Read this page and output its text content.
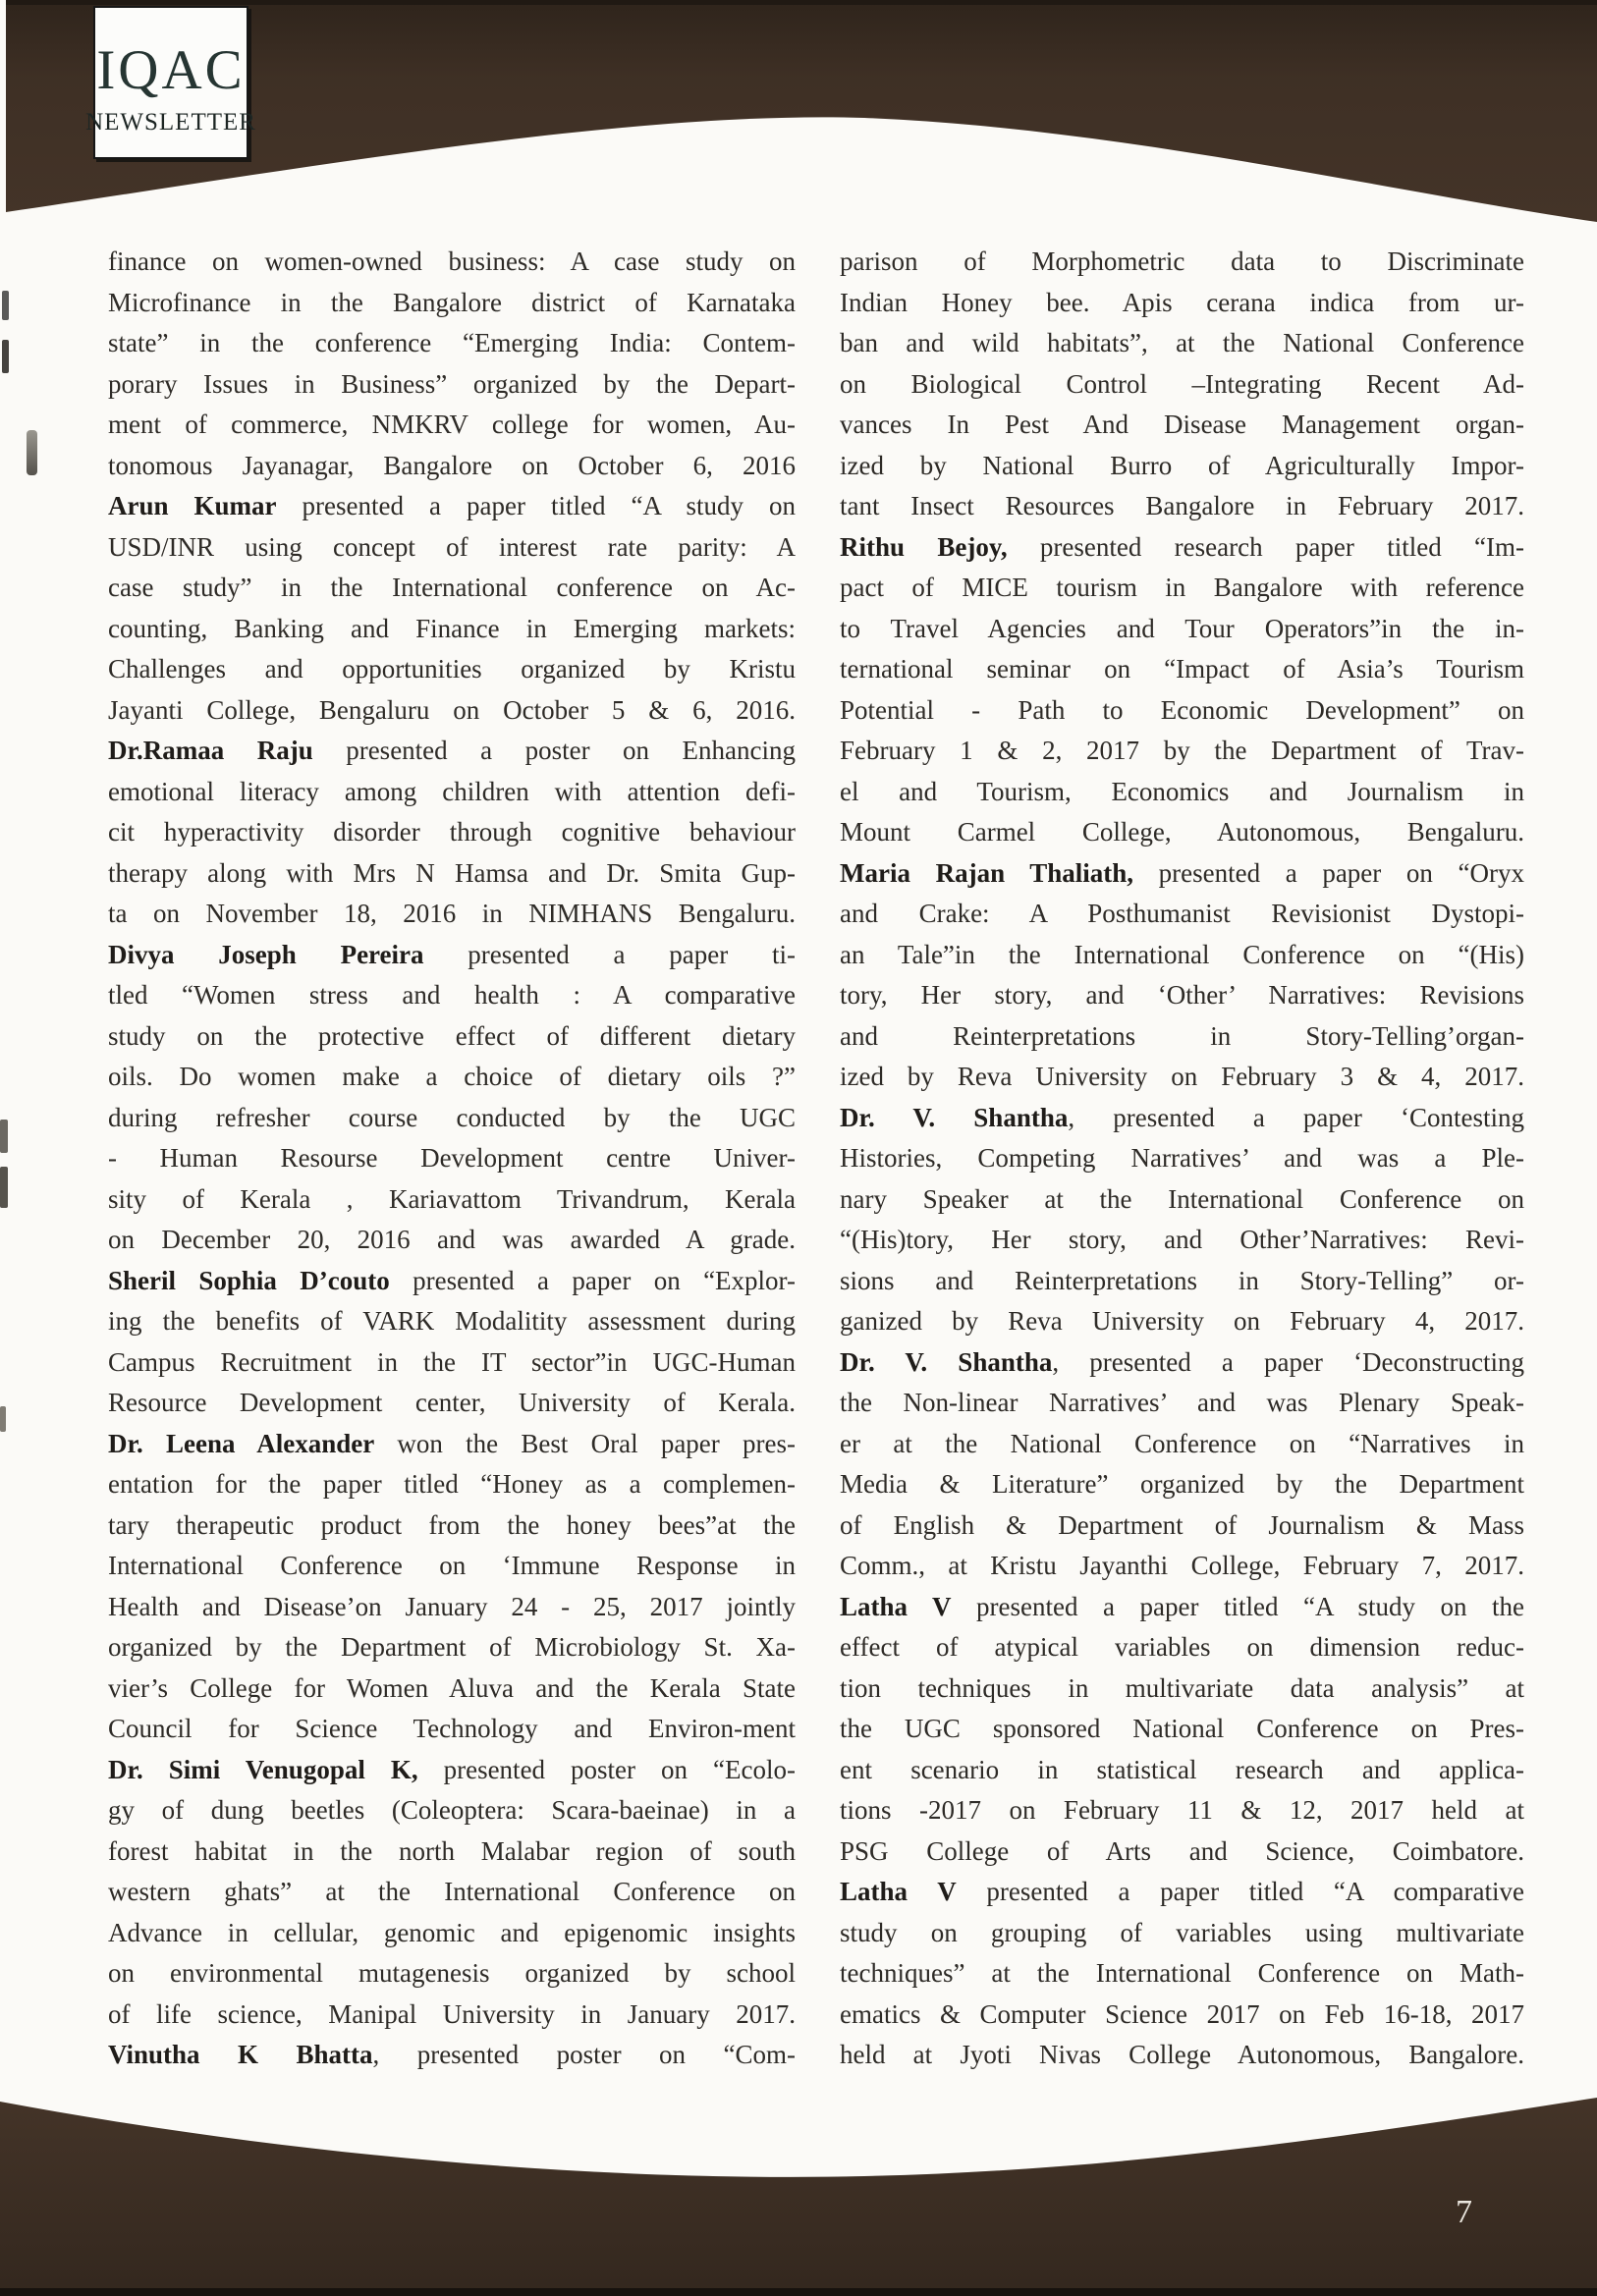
IQAC
NEWSLETTER
finance on women-owned business: A case study on
Microfinance in the Bangalore district of Karnataka
state” in the conference “Emerging India: Contem-
porary Issues in Business” organized by the Depart-
ment of commerce, NMKRV college for women, Au-
tonomous Jayanagar, Bangalore on October 6, 2016
Arun Kumar presented a paper titled “A study on
USD/INR using concept of interest rate parity: A
case study” in the International conference on Ac-
counting, Banking and Finance in Emerging markets:
Challenges and opportunities organized by Kristu
Jayanti College, Bengaluru on October 5 & 6, 2016.
Dr.Ramaa Raju presented a poster on Enhancing
emotional literacy among children with attention defi-
cit hyperactivity disorder through cognitive behaviour
therapy along with Mrs N Hamsa and Dr. Smita Gup-
ta on November 18, 2016 in NIMHANS Bengaluru.
Divya Joseph Pereira presented a paper ti-
tled “Women stress and health : A comparative
study on the protective effect of different dietary
oils. Do women make a choice of dietary oils ?”
during refresher course conducted by the UGC
- Human Resourse Development centre Univer-
sity of Kerala , Kariavattom Trivandrum, Kerala
on December 20, 2016 and was awarded A grade.
Sheril Sophia D’couto presented a paper on “Explor-
ing the benefits of VARK Modalitity assessment during
Campus Recruitment in the IT sector”in UGC-Human
Resource Development center, University of Kerala.
Dr. Leena Alexander won the Best Oral paper pres-
entation for the paper titled “Honey as a complemen-
tary therapeutic product from the honey bees”at the
International Conference on ‘Immune Response in
Health and Disease’on January 24 - 25, 2017 jointly
organized by the Department of Microbiology St. Xa-
vier’s College for Women Aluva and the Kerala State
Council for Science Technology and Environ-ment
Dr. Simi Venugopal K, presented poster on “Ecolo-
gy of dung beetles (Coleoptera: Scara-baeinae) in a
forest habitat in the north Malabar region of south
western ghats” at the International Conference on
Advance in cellular, genomic and epigenomic insights
on environmental mutagenesis organized by school
of life science, Manipal University in January 2017.
Vinutha K Bhatta, presented poster on “Com-
parison of Morphometric data to Discriminate
Indian Honey bee. Apis cerana indica from ur-
ban and wild habitats”, at the National Conference
on Biological Control –Integrating Recent Ad-
vances In Pest And Disease Management organ-
ized by National Burro of Agriculturally Impor-
tant Insect Resources Bangalore in February 2017.
Rithu Bejoy, presented research paper titled “Im-
pact of MICE tourism in Bangalore with reference
to Travel Agencies and Tour Operators”in the in-
ternational seminar on “Impact of Asia’s Tourism
Potential - Path to Economic Development” on
February 1 & 2, 2017 by the Department of Trav-
el and Tourism, Economics and Journalism in
Mount Carmel College, Autonomous, Bengaluru.
Maria Rajan Thaliath, presented a paper on “Oryx
and Crake: A Posthumanist Revisionist Dystopi-
an Tale”in the International Conference on “(His)
tory, Her story, and ‘Other’ Narratives: Revisions
and Reinterpretations in Story-Telling’organ-
ized by Reva University on February 3 & 4, 2017.
Dr. V. Shantha, presented a paper ‘Contesting
Histories, Competing Narratives’ and was a Ple-
nary Speaker at the International Conference on
“(His)tory, Her story, and Other’Narratives: Revi-
sions and Reinterpretations in Story-Telling” or-
ganized by Reva University on February 4, 2017.
Dr. V. Shantha, presented a paper ‘Deconstructing
the Non-linear Narratives’ and was Plenary Speak-
er at the National Conference on “Narratives in
Media & Literature” organized by the Department
of English & Department of Journalism & Mass
Comm., at Kristu Jayanthi College, February 7, 2017.
Latha V presented a paper titled “A study on the
effect of atypical variables on dimension reduc-
tion techniques in multivariate data analysis” at
the UGC sponsored National Conference on Pres-
ent scenario in statistical research and applica-
tions -2017 on February 11 & 12, 2017 held at
PSG College of Arts and Science, Coimbatore.
Latha V presented a paper titled “A comparative
study on grouping of variables using multivariate
techniques” at the International Conference on Math-
ematics & Computer Science 2017 on Feb 16-18, 2017
held at Jyoti Nivas College Autonomous, Bangalore.
7
